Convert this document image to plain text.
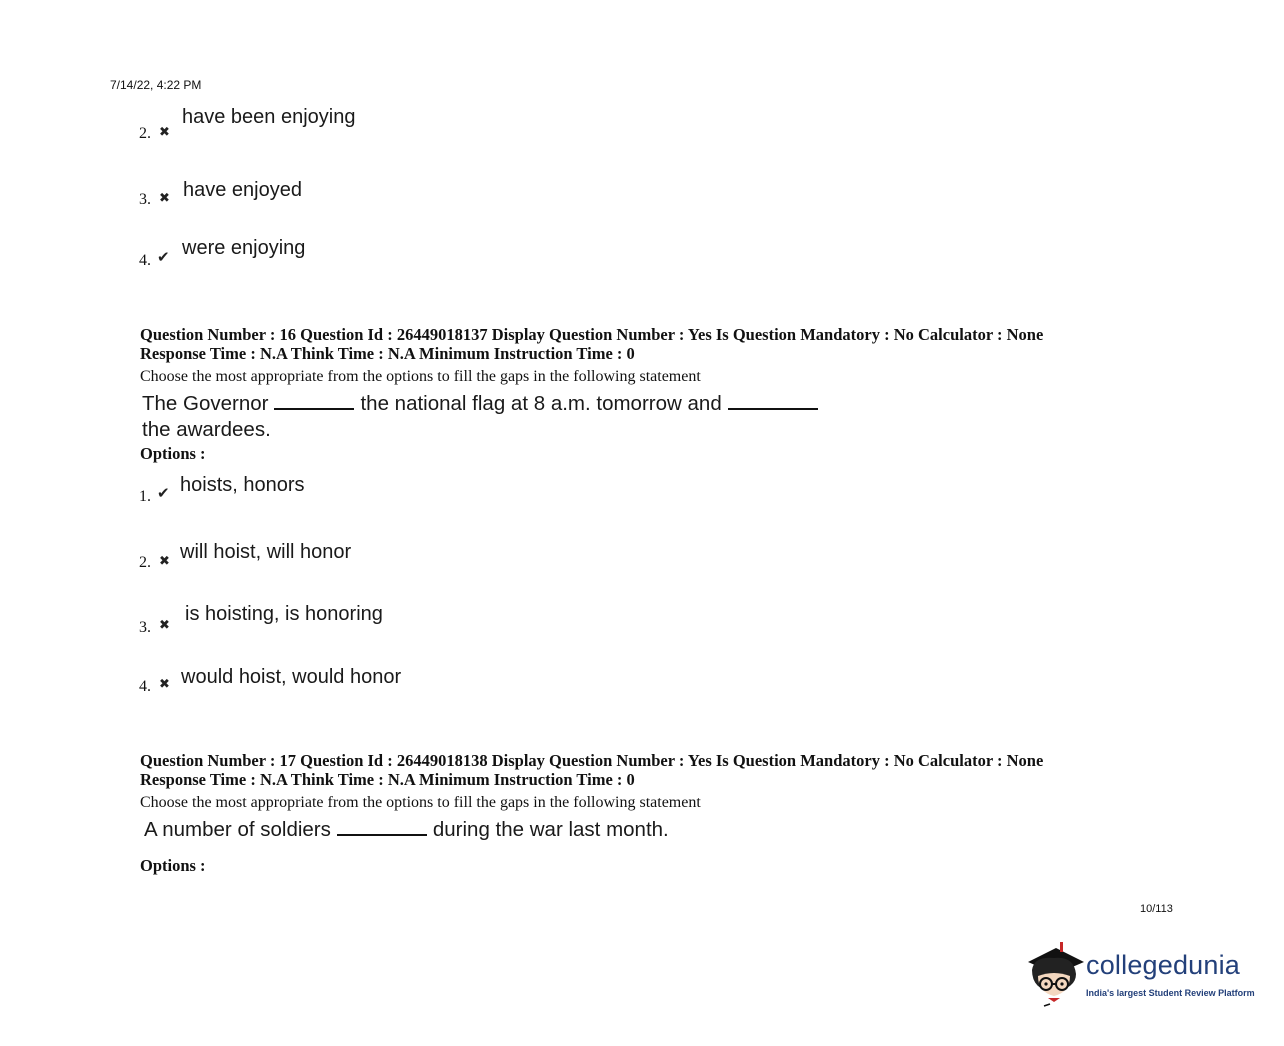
7/14/22, 4:22 PM
2. ✖
have been enjoying
3. ✖ have enjoyed
4. ✔ were enjoying
Question Number : 16 Question Id : 26449018137 Display Question Number : Yes Is Question Mandatory : No Calculator : None
Response Time : N.A Think Time : N.A Minimum Instruction Time : 0
Choose the most appropriate from the options to fill the gaps in the following statement
The Governor	the national flag at 8 a.m. tomorrow and
the awardees.
Options :
1. ✔ hoists, honors
2. ✖ will hoist, will honor
3. ✖ is hoisting, is honoring
4. ✖ would hoist, would honor
Question Number : 17 Question Id : 26449018138 Display Question Number : Yes Is Question Mandatory : No Calculator : None
Response Time : N.A Think Time : N.A Minimum Instruction Time : 0
Choose the most appropriate from the options to fill the gaps in the following statement
A number of soldiers	during the war last month.
Options :
10/113
collegedunia
India's largest Student Review Platform
